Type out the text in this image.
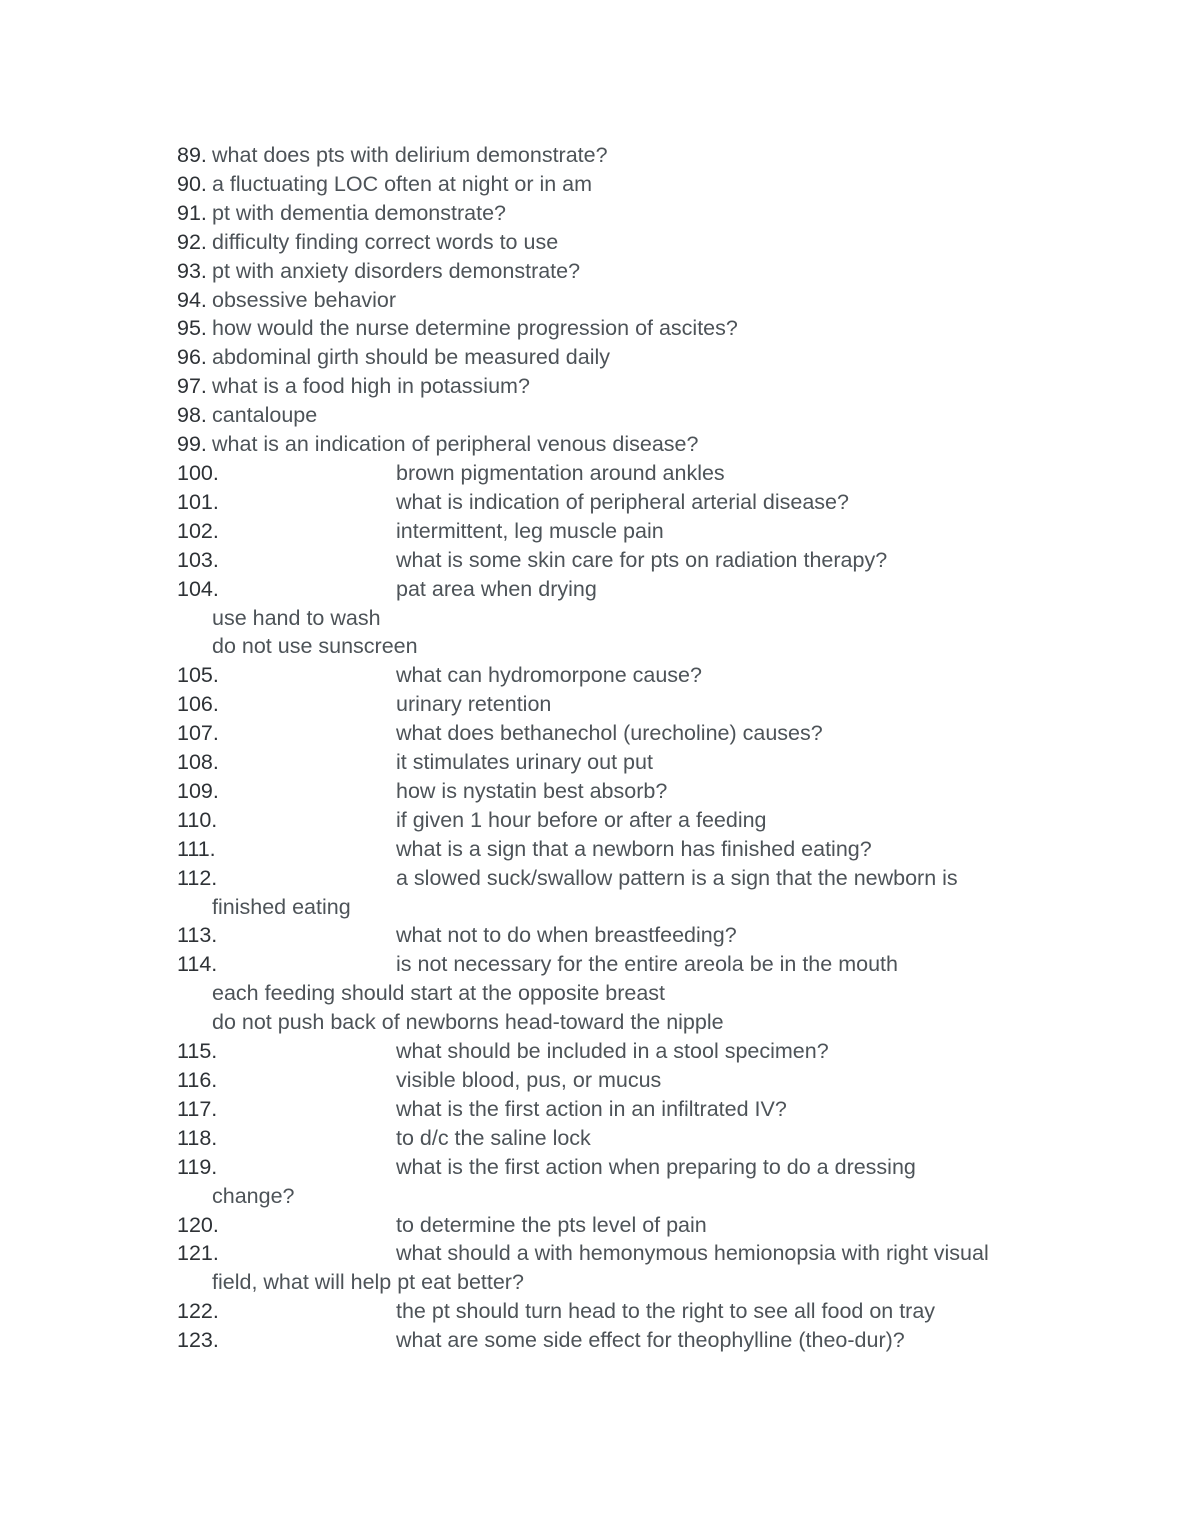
89. what does pts with delirium demonstrate?
90. a fluctuating LOC often at night or in am
91. pt with dementia demonstrate?
92. difficulty finding correct words to use
93. pt with anxiety disorders demonstrate?
94. obsessive behavior
95. how would the nurse determine progression of ascites?
96. abdominal girth should be measured daily
97. what is a food high in potassium?
98. cantaloupe
99. what is an indication of peripheral venous disease?
100.	brown pigmentation around ankles
101.	what is indication of peripheral arterial disease?
102.	intermittent, leg muscle pain
103.	what is some skin care for pts on radiation therapy?
104.	pat area when drying
use hand to wash
do not use sunscreen
105.	what can hydromorpone cause?
106.	urinary retention
107.	what does bethanechol (urecholine) causes?
108.	it stimulates urinary out put
109.	how is nystatin best absorb?
110.	if given 1 hour before or after a feeding
111.	what is a sign that a newborn has finished eating?
112.	a slowed suck/swallow pattern is a sign that the newborn is
finished eating
113.	what not to do when breastfeeding?
114.	is not necessary for the entire areola be in the mouth
each feeding should start at the opposite breast
do not push back of newborns head-toward the nipple
115.	what should be included in a stool specimen?
116.	visible blood, pus, or mucus
117.	what is the first action in an infiltrated IV?
118.	to d/c the saline lock
119.	what is the first action when preparing to do a dressing
change?
120.	to determine the pts level of pain
121.	what should a with hemonymous hemionopsia with right visual
field, what will help pt eat better?
122.	the pt should turn head to the right to see all food on tray
123.	what are some side effect for theophylline (theo-dur)?
